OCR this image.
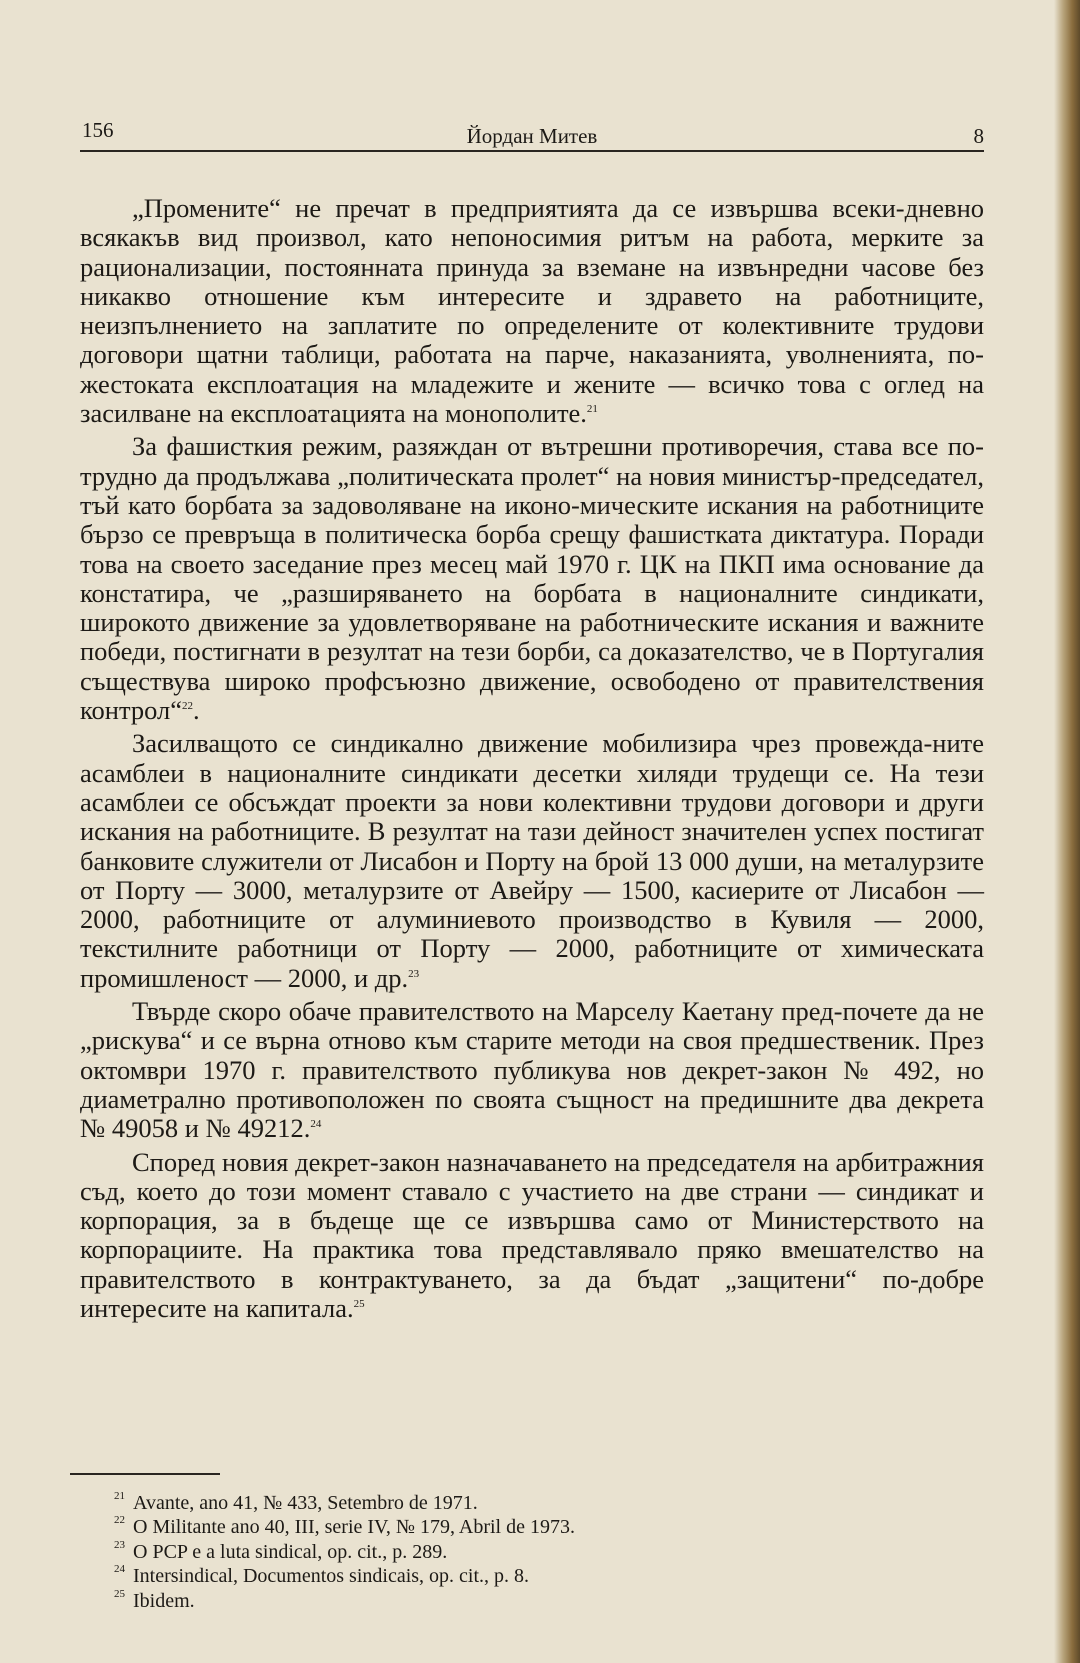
156	Йордан Митев	8

„Промените“ не пречат в предприятията да се извършва всеки-дневно всякакъв вид произвол, като непоносимия ритъм на работа, мерките за рационализации, постоянната принуда за вземане на извънредни часове без никакво отношение към интересите и здравето на работниците, неизпълнението на заплатите по определените от колективните трудови договори щатни таблици, работата на парче, наказанията, уволненията, по-жестоката експлоатация на младежите и жените — всичко това с оглед на засилване на експлоатацията на монополите.$^{21}$

За фашисткия режим, разяждан от вътрешни противоречия, става все по-трудно да продължава „политическата пролет“ на новия министър-председател, тъй като борбата за задоволяване на иконо-мическите искания на работниците бързо се превръща в политическа борба срещу фашистката диктатура. Поради това на своето заседание през месец май 1970 г. ЦК на ПКП има основание да констатира, че „разширяването на борбата в националните синдикати, широкото движение за удовлетворяване на работническите искания и важните победи, постигнати в резултат на тези борби, са доказателство, че в Португалия съществува широко профсъюзно движение, освободено от правителствения контрол“$^{22}$.

Засилващото се синдикално движение мобилизира чрез провежда-ните асамблеи в националните синдикати десетки хиляди трудещи се. На тези асамблеи се обсъждат проекти за нови колективни трудови договори и други искания на работниците. В резултат на тази дейност значителен успех постигат банковите служители от Лисабон и Порту на брой 13 000 души, на металурзите от Порту — 3000, металурзите от Авейру — 1500, касиерите от Лисабон — 2000, работниците от алуминиевото производство в Кувиля — 2000, текстилните работници от Порту — 2000, работниците от химическата промишленост — 2000, и др.$^{23}$

Твърде скоро обаче правителството на Марселу Каетану пред-почете да не „рискува“ и се върна отново към старите методи на своя предшественик. През октомври 1970 г. правителството публикува нов декрет-закон № 492, но диаметрално противоположен по своята същност на предишните два декрета № 49058 и № 49212.24

Според новия декрет-закон назначаването на председателя на арбитражния съд, което до този момент ставало с участието на две страни — синдикат и корпорация, за в бъдеще ще се извършва само от Министерството на корпорациите. На практика това представлявало пряко вмешателство на правителството в контрактуването, за да бъдат „защитени“ по-добре интересите на капитала.$^{25}$

$^{21}$ Avante, ano 41, № 433, Setembro de 1971.
$^{22}$ O Militante ano 40, III, serie IV, № 179, Abril de 1973.
$^{23}$ O PCP e a luta sindical, op. cit., p. 289.
$^{24}$ Intersindical, Documentos sindicais, op. cit., p. 8.
$^{25}$ Ibidem.
